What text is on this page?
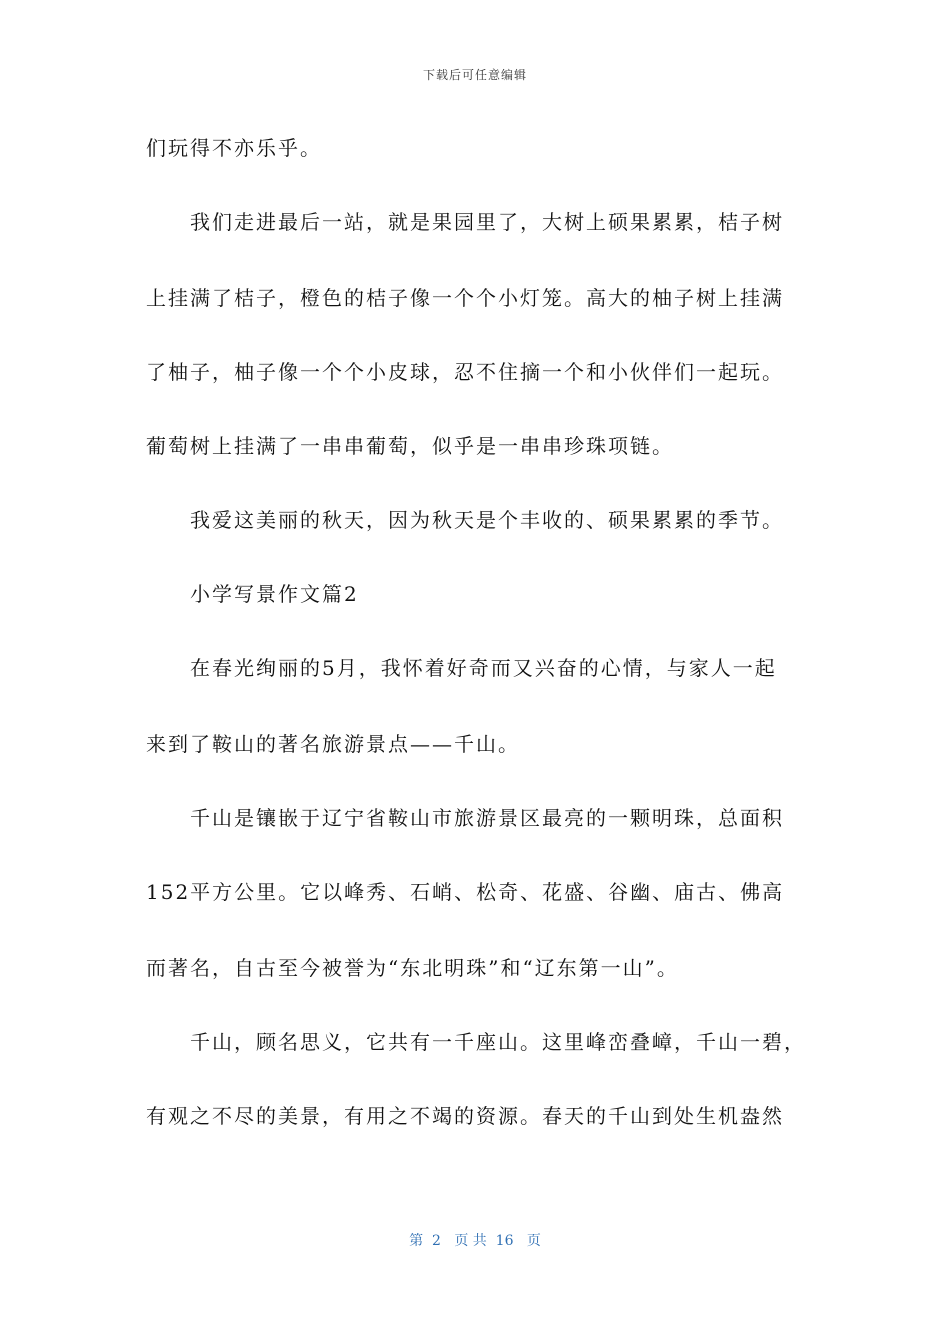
下载后可任意编辑
们玩得不亦乐乎。
我们走进最后一站，就是果园里了，大树上硕果累累，桔子树
上挂满了桔子，橙色的桔子像一个个小灯笼。高大的柚子树上挂满
了柚子，柚子像一个个小皮球，忍不住摘一个和小伙伴们一起玩。
葡萄树上挂满了一串串葡萄，似乎是一串串珍珠项链。
我爱这美丽的秋天，因为秋天是个丰收的、硕果累累的季节。
小学写景作文篇2
在春光绚丽的5月，我怀着好奇而又兴奋的心情，与家人一起
来到了鞍山的著名旅游景点——千山。
千山是镶嵌于辽宁省鞍山市旅游景区最亮的一颗明珠，总面积
152平方公里。它以峰秀、石峭、松奇、花盛、谷幽、庙古、佛高
而著名，自古至今被誉为“东北明珠”和“辽东第一山”。
千山，顾名思义，它共有一千座山。这里峰峦叠嶂，千山一碧，
有观之不尽的美景，有用之不竭的资源。春天的千山到处生机盎然
第  2   页 共  16   页
